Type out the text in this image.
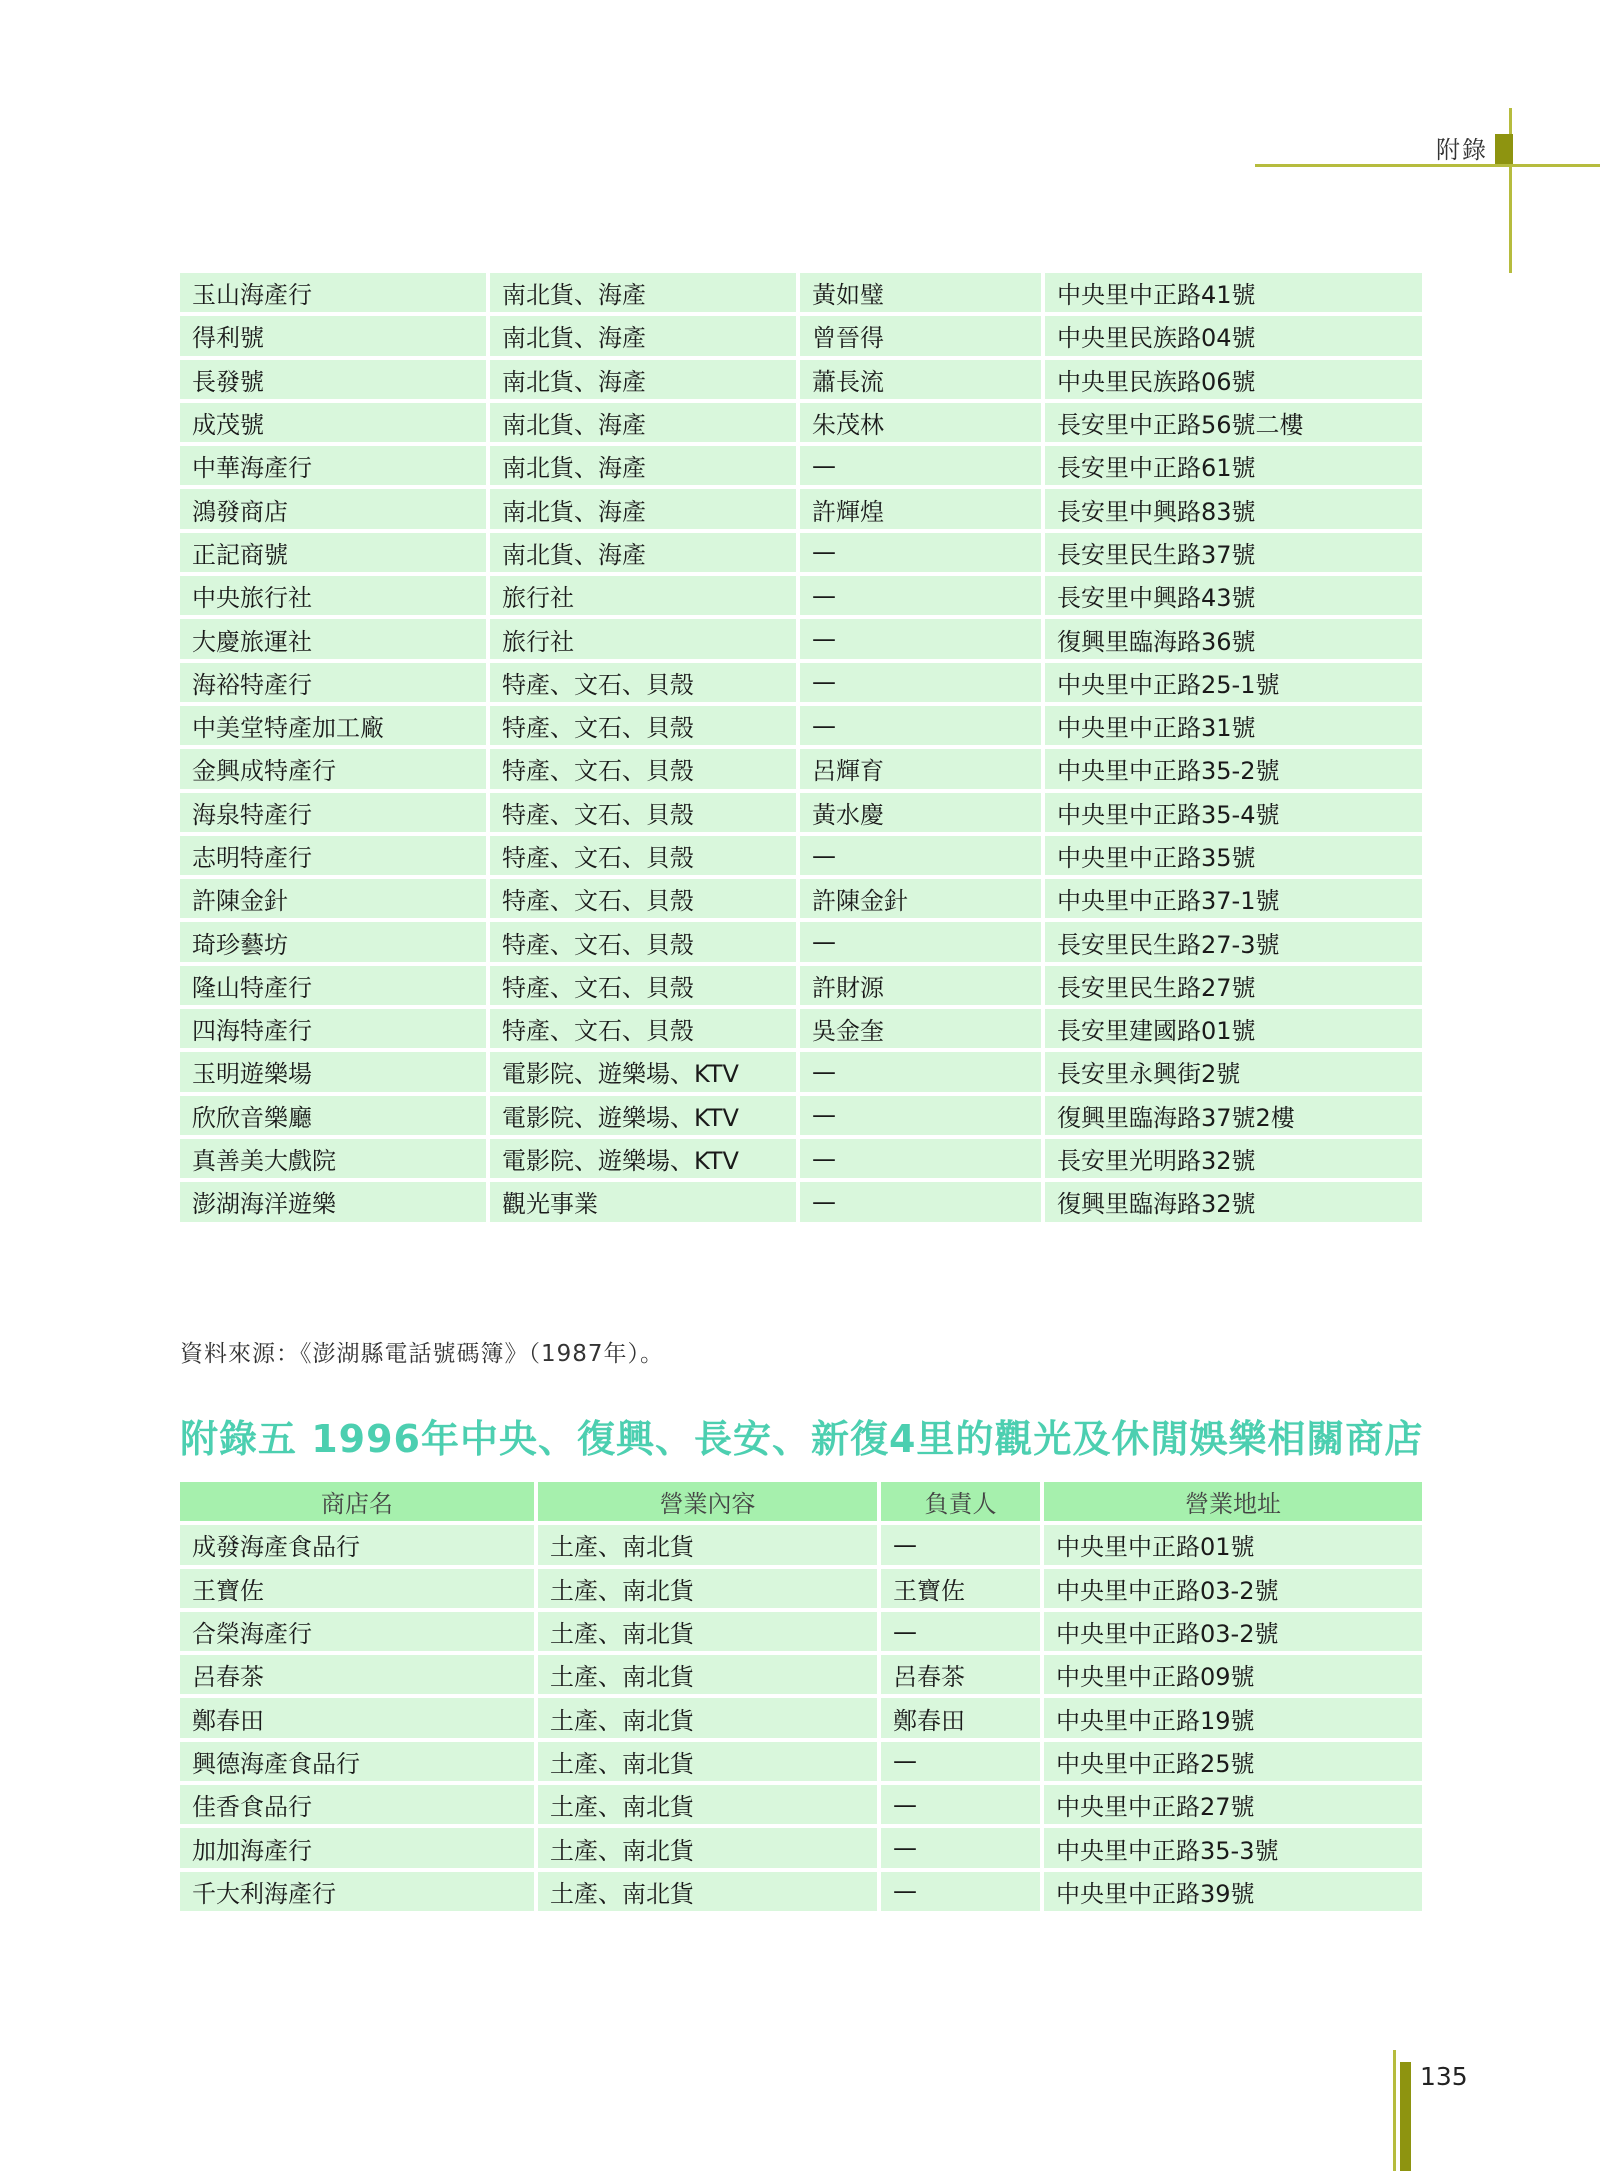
附錄
玉山海產行	南北貨、海產	黃如璧	中央里中正路41號
得利號	南北貨、海產	曾晉得	中央里民族路04號
長發號	南北貨、海產	蕭長流	中央里民族路06號
成茂號	南北貨、海產	朱茂林	長安里中正路56號二樓
中華海產行	南北貨、海產	—	長安里中正路61號
鴻發商店	南北貨、海產	許輝煌	長安里中興路83號
正記商號	南北貨、海產	—	長安里民生路37號
中央旅行社	旅行社	—	長安里中興路43號
大慶旅運社	旅行社	—	復興里臨海路36號
海裕特產行	特產、文石、貝殼	—	中央里中正路25-1號
中美堂特產加工廠	特產、文石、貝殼	—	中央里中正路31號
金興成特產行	特產、文石、貝殼	呂輝育	中央里中正路35-2號
海泉特產行	特產、文石、貝殼	黃水慶	中央里中正路35-4號
志明特產行	特產、文石、貝殼	—	中央里中正路35號
許陳金針	特產、文石、貝殼	許陳金針	中央里中正路37-1號
琦珍藝坊	特產、文石、貝殼	—	長安里民生路27-3號
隆山特產行	特產、文石、貝殼	許財源	長安里民生路27號
四海特產行	特產、文石、貝殼	吳金奎	長安里建國路01號
玉明遊樂場	電影院、遊樂場、KTV	—	長安里永興街2號
欣欣音樂廳	電影院、遊樂場、KTV	—	復興里臨海路37號2樓
真善美大戲院	電影院、遊樂場、KTV	—	長安里光明路32號
澎湖海洋遊樂	觀光事業	—	復興里臨海路32號
資料來源：《澎湖縣電話號碼簿》（1987年）。
附錄五 1996年中央、復興、長安、新復4里的觀光及休閒娛樂相關商店
商店名	營業內容	負責人	營業地址
成發海產食品行	土產、南北貨	—	中央里中正路01號
王寶佐	土產、南北貨	王寶佐	中央里中正路03-2號
合榮海產行	土產、南北貨	—	中央里中正路03-2號
呂春茶	土產、南北貨	呂春茶	中央里中正路09號
鄭春田	土產、南北貨	鄭春田	中央里中正路19號
興德海產食品行	土產、南北貨	—	中央里中正路25號
佳香食品行	土產、南北貨	—	中央里中正路27號
加加海產行	土產、南北貨	—	中央里中正路35-3號
千大利海產行	土產、南北貨	—	中央里中正路39號
135
